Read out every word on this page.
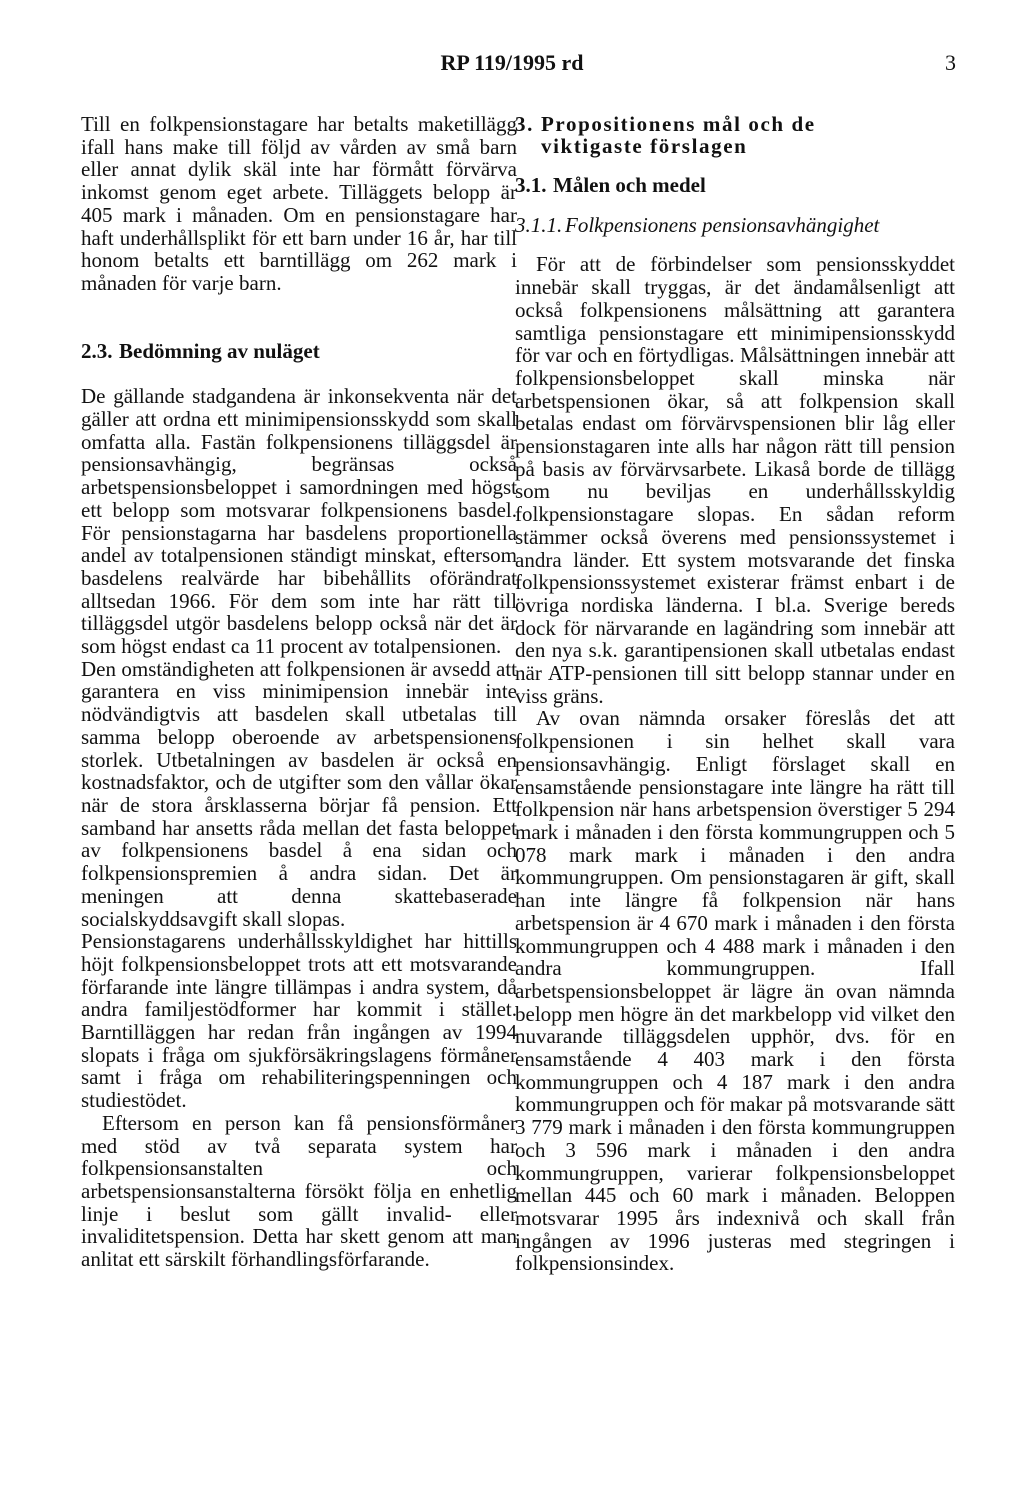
RP 119/1995 rd	3

Till en folkpensionstagare har betalts maketillägg ifall hans make till följd av vården av små barn eller annat dylik skäl inte har förmått förvärva inkomst genom eget arbete. Tilläggets belopp är 405 mark i månaden. Om en pensionstagare har haft underhållsplikt för ett barn under 16 år, har till honom betalts ett barntillägg om 262 mark i månaden för varje barn.

2.3. Bedömning av nuläget

De gällande stadgandena är inkonsekventa när det gäller att ordna ett minimipensionsskydd som skall omfatta alla. Fastän folkpensionens tilläggsdel är pensionsavhängig, begränsas också arbetspensionsbeloppet i samordningen med högst ett belopp som motsvarar folkpensionens basdel. För pensionstagarna har basdelens proportionella andel av totalpensionen ständigt minskat, eftersom basdelens realvärde har bibehållits oförändrat alltsedan 1966. För dem som inte har rätt till tilläggsdel utgör basdelens belopp också när det är som högst endast ca 11 procent av totalpensionen.

Den omständigheten att folkpensionen är avsedd att garantera en viss minimipension innebär inte nödvändigtvis att basdelen skall utbetalas till samma belopp oberoende av arbetspensionens storlek. Utbetalningen av basdelen är också en kostnadsfaktor, och de utgifter som den vållar ökar när de stora årsklasserna börjar få pension. Ett samband har ansetts råda mellan det fasta beloppet av folkpensionens basdel å ena sidan och folkpensionspremien å andra sidan. Det är meningen att denna skattebaserade socialskyddsavgift skall slopas.

Pensionstagarens underhållsskyldighet har hittills höjt folkpensionsbeloppet trots att ett motsvarande förfarande inte längre tillämpas i andra system, då andra familjestödformer har kommit i stället. Barntilläggen har redan från ingången av 1994 slopats i fråga om sjukförsäkringslagens förmåner samt i fråga om rehabiliteringspenningen och studiestödet.

Eftersom en person kan få pensionsförmåner med stöd av två separata system har folkpensionsanstalten och arbetspensionsanstalterna försökt följa en enhetlig linje i beslut som gällt invalid- eller invaliditetspension. Detta har skett genom att man anlitat ett särskilt förhandlingsförfarande.

3. Propositionens mål och de viktigaste förslagen
3.1. Målen och medel
3.1.1. Folkpensionens pensionsavhängighet

För att de förbindelser som pensionsskyddet innebär skall tryggas, är det ändamålsenligt att också folkpensionens målsättning att garantera samtliga pensionstagare ett minimipensionsskydd för var och en förtydligas. Målsättningen innebär att folkpensionsbeloppet skall minska när arbetspensionen ökar, så att folkpension skall betalas endast om förvärvspensionen blir låg eller pensionstagaren inte alls har någon rätt till pension på basis av förvärvsarbete. Likaså borde de tillägg som nu beviljas en underhållsskyldig folkpensionstagare slopas. En sådan reform stämmer också överens med pensionssystemet i andra länder. Ett system motsvarande det finska folkpensionssystemet existerar främst enbart i de övriga nordiska länderna. I bl.a. Sverige bereds dock för närvarande en lagändring som innebär att den nya s.k. garantipensionen skall utbetalas endast när ATP-pensionen till sitt belopp stannar under en viss gräns.

Av ovan nämnda orsaker föreslås det att folkpensionen i sin helhet skall vara pensionsavhängig. Enligt förslaget skall en ensamstående pensionstagare inte längre ha rätt till folkpension när hans arbetspension överstiger 5 294 mark i månaden i den första kommungruppen och 5 078 mark mark i månaden i den andra kommungruppen. Om pensionstagaren är gift, skall han inte längre få folkpension när hans arbetspension är 4 670 mark i månaden i den första kommungruppen och 4 488 mark i månaden i den andra kommungruppen. Ifall arbetspensionsbeloppet är lägre än ovan nämnda belopp men högre än det markbelopp vid vilket den nuvarande tilläggsdelen upphör, dvs. för en ensamstående 4 403 mark i den första kommungruppen och 4 187 mark i den andra kommungruppen och för makar på motsvarande sätt 3 779 mark i månaden i den första kommungruppen och 3 596 mark i månaden i den andra kommungruppen, varierar folkpensionsbeloppet mellan 445 och 60 mark i månaden. Beloppen motsvarar 1995 års indexnivå och skall från ingången av 1996 justeras med stegringen i folkpensionsindex.
